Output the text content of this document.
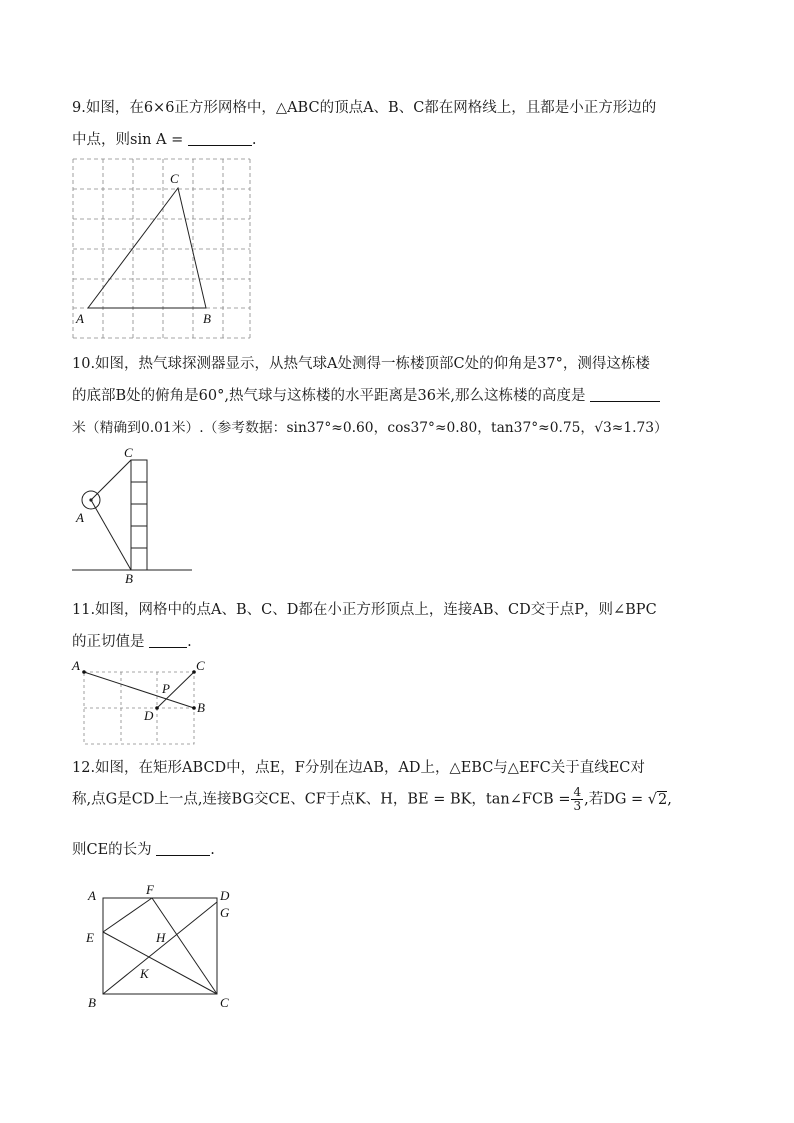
9.如图，在6×6正方形网格中，△ABC的顶点A、B、C都在网格线上，且都是小正方形边的
中点，则sin A =	.
A	B
C
10.如图，热气球探测器显示，从热气球A处测得一栋楼顶部C处的仰角是37°，测得这栋楼
的底部B处的俯角是60°,热气球与这栋楼的水平距离是36米,那么这栋楼的高度是
米（精确到0.01米）.（参考数据：sin37°≈0.60，cos37°≈0.80，tan37°≈0.75，√3≈1.73）
A
B
C
11.如图，网格中的点A、B、C、D都在小正方形顶点上，连接AB、CD交于点P，则∠BPC
的正切值是	.
A
B
C
D
P
12.如图，在矩形ABCD中，点E，F分别在边AB，AD上，△EBC与△EFC关于直线EC对
称,点G是CD上一点,连接BG交CE、CF于点K、H，BE = BK，tan∠FCB = $\frac{4}{3}$ ,若DG = √2,
则CE的长为	.
A
B	C
D
E
F
G
H
K
